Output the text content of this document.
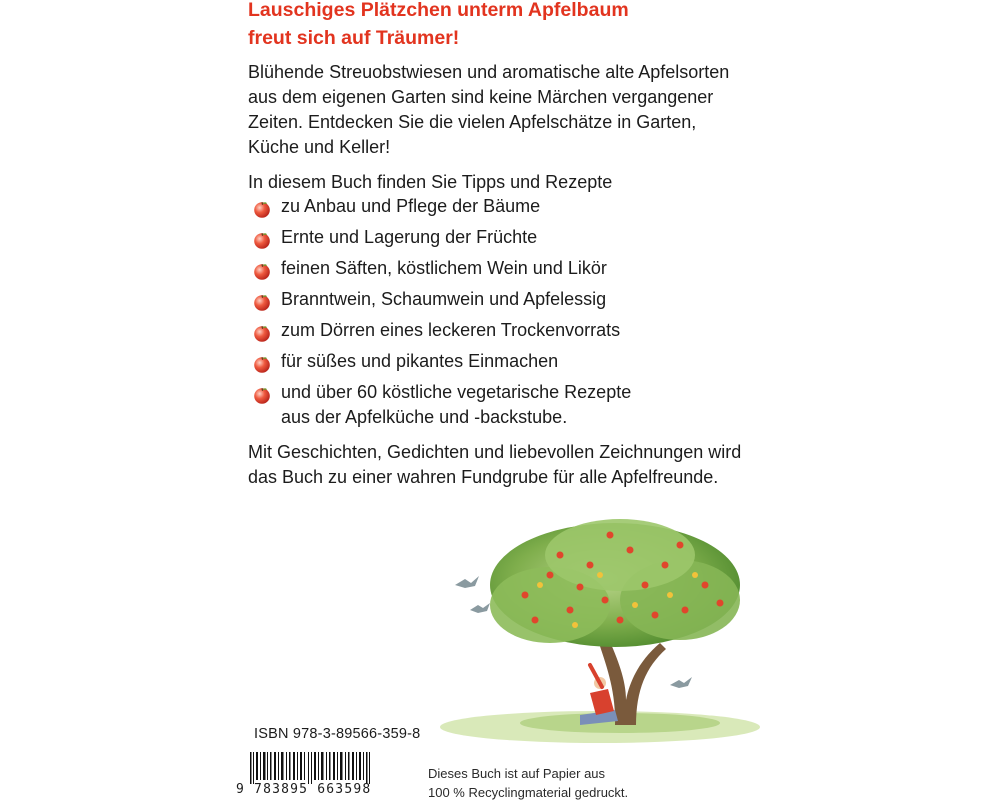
Lauschiges Plätzchen unterm Apfelbaum
freut sich auf Träumer!
Blühende Streuobstwiesen und aromatische alte Apfelsorten
aus dem eigenen Garten sind keine Märchen vergangener
Zeiten. Entdecken Sie die vielen Apfelschätze in Garten,
Küche und Keller!
In diesem Buch finden Sie Tipps und Rezepte
zu Anbau und Pflege der Bäume
Ernte und Lagerung der Früchte
feinen Säften, köstlichem Wein und Likör
Branntwein, Schaumwein und Apfelessig
zum Dörren eines leckeren Trockenvorrats
für süßes und pikantes Einmachen
und über 60 köstliche vegetarische Rezepte
aus der Apfelküche und -backstube.
Mit Geschichten, Gedichten und liebevollen Zeichnungen wird
das Buch zu einer wahren Fundgrube für alle Apfelfreunde.
ISBN 978-3-89566-359-8
9 783895 663598
Dieses Buch ist auf Papier aus
100 % Recyclingmaterial gedruckt.
